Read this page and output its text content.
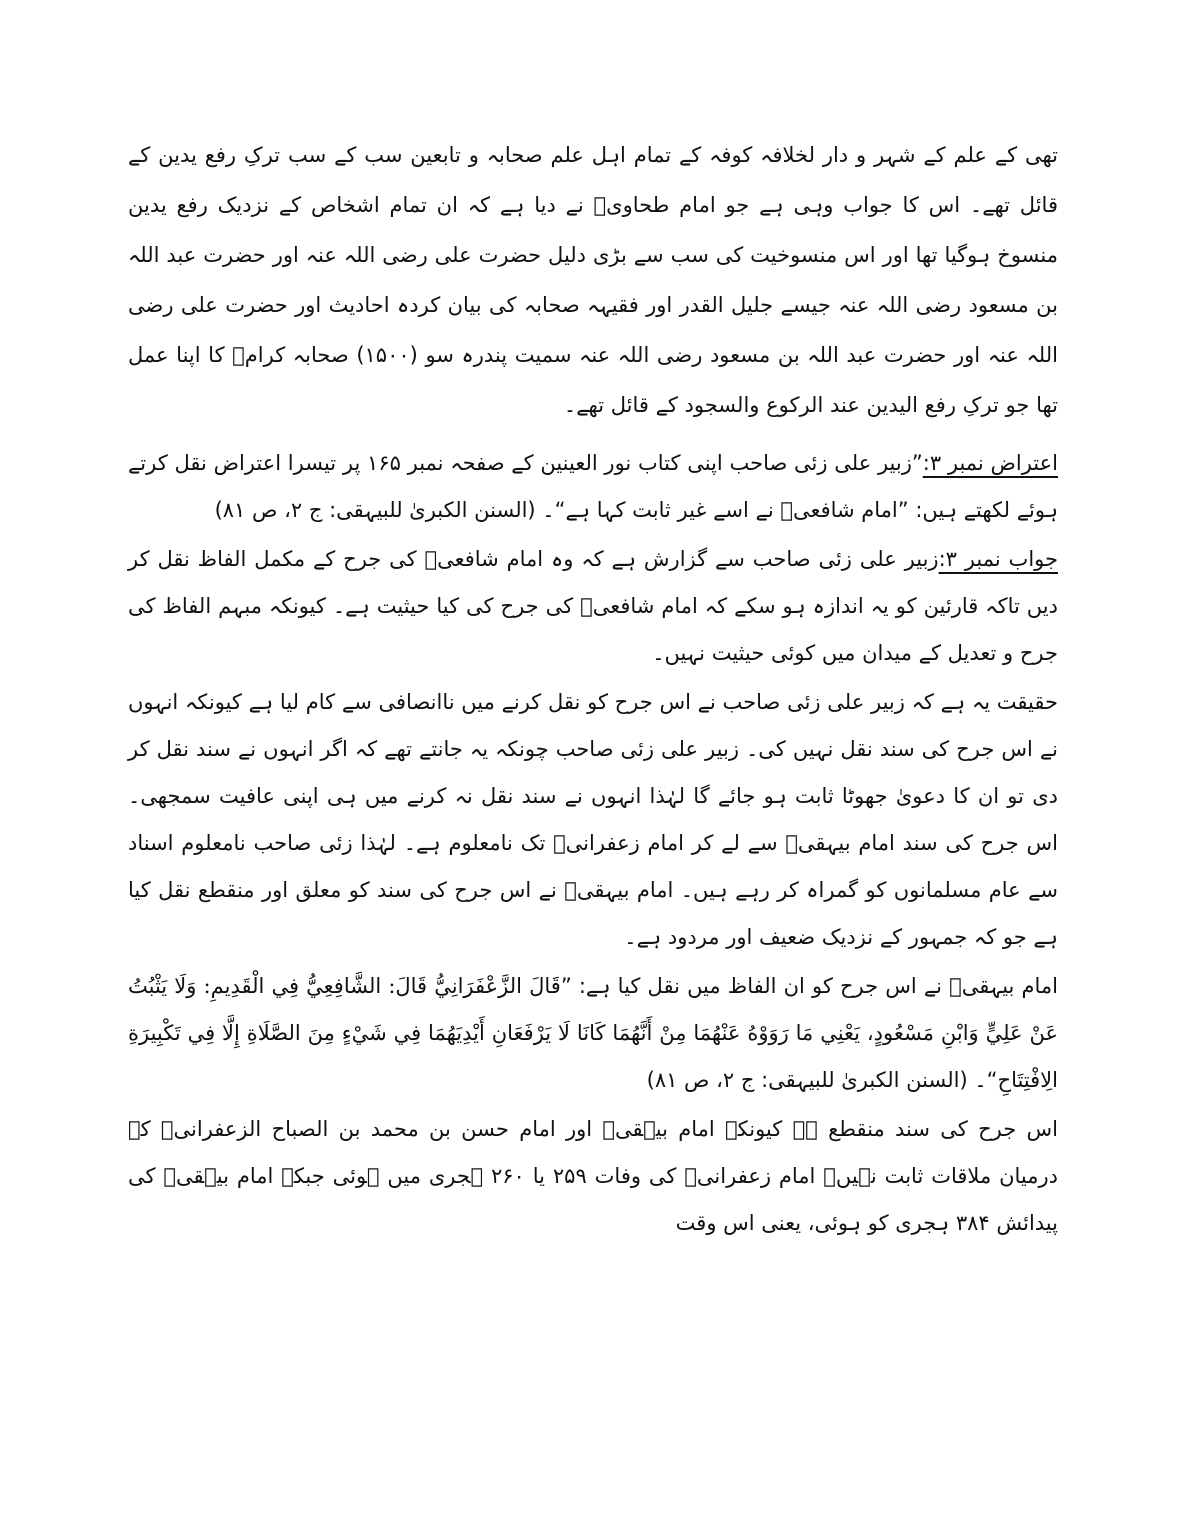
تھی کے علم کے شہر و دار لخلافہ کوفہ کے تمام اہل علم صحابہ و تابعین سب کے سب ترکِ رفع یدین کے قائل تھے۔ اس کا جواب وہی ہے جو امام طحاویؒ نے دیا ہے کہ ان تمام اشخاص کے نزدیک رفع یدین منسوخ ہوگیا تھا اور اس منسوخیت کی سب سے بڑی دلیل حضرت علی رضی اللہ عنہ اور حضرت عبد اللہ بن مسعود رضی اللہ عنہ جیسے جلیل القدر اور فقیہہ صحابہ کی بیان کردہ احادیث اور حضرت علی رضی اللہ عنہ اور حضرت عبد اللہ بن مسعود رضی اللہ عنہ سمیت پندرہ سو (۱۵۰۰) صحابہ کرامؓ کا اپنا عمل تھا جو ترکِ رفع الیدین عند الرکوع والسجود کے قائل تھے۔

اعتراض نمبر ۳:”زبیر علی زئی صاحب اپنی کتاب نور العینین کے صفحہ نمبر ۱۶۵ پر تیسرا اعتراض نقل کرتے ہوئے لکھتے ہیں: ”امام شافعیؒ نے اسے غیر ثابت کہا ہے“۔ (السنن الکبریٰ للبیہقی: ج ۲، ص ۸۱)

جواب نمبر ۳:زبیر علی زئی صاحب سے گزارش ہے کہ وہ امام شافعیؒ کی جرح کے مکمل الفاظ نقل کر دیں تاکہ قارئین کو یہ اندازہ ہو سکے کہ امام شافعیؒ کی جرح کی کیا حیثیت ہے۔ کیونکہ مبہم الفاظ کی جرح و تعدیل کے میدان میں کوئی حیثیت نہیں۔

حقیقت یہ ہے کہ زبیر علی زئی صاحب نے اس جرح کو نقل کرنے میں ناانصافی سے کام لیا ہے کیونکہ انہوں نے اس جرح کی سند نقل نہیں کی۔ زبیر علی زئی صاحب چونکہ یہ جانتے تھے کہ اگر انہوں نے سند نقل کر دی تو ان کا دعویٰ جھوٹا ثابت ہو جائے گا لہٰذا انہوں نے سند نقل نہ کرنے میں ہی اپنی عافیت سمجھی۔ اس جرح کی سند امام بیہقیؒ سے لے کر امام زعفرانیؒ تک نامعلوم ہے۔ لہٰذا زئی صاحب نامعلوم اسناد سے عام مسلمانوں کو گمراہ کر رہے ہیں۔ امام بیہقیؒ نے اس جرح کی سند کو معلق اور منقطع نقل کیا ہے جو کہ جمہور کے نزدیک ضعیف اور مردود ہے۔

امام بیہقیؒ نے اس جرح کو ان الفاظ میں نقل کیا ہے: ”قَالَ الزَّعْفَرَانِيُّ قَالَ: الشَّافِعِيُّ فِي الْقَدِيمِ: وَلَا يَثْبُتُ عَنْ عَلِيٍّ وَابْنِ مَسْعُودٍ، يَعْنِي مَا رَوَوْهُ عَنْهُمَا مِنْ أَنَّهُمَا كَانَا لَا يَرْفَعَانِ أَيْدِيَهُمَا فِي شَيْءٍ مِنَ الصَّلَاةِ إِلَّا فِي تَكْبِيرَةِ الِافْتِتَاحِ“۔ (السنن الکبریٰ للبیہقی: ج ۲، ص ۸۱)

اس جرح کی سند منقطع ہے کیونکہ امام بیہقیؒ اور امام حسن بن محمد بن الصباح الزعفرانیؒ کے درمیان ملاقات ثابت نہیں۔ امام زعفرانیؒ کی وفات ۲۵۹ یا ۲۶۰ ہجری میں ہوئی جبکہ امام بیہقیؒ کی پیدائش ۳۸۴ ہجری کو ہوئی، یعنی اس وقت
